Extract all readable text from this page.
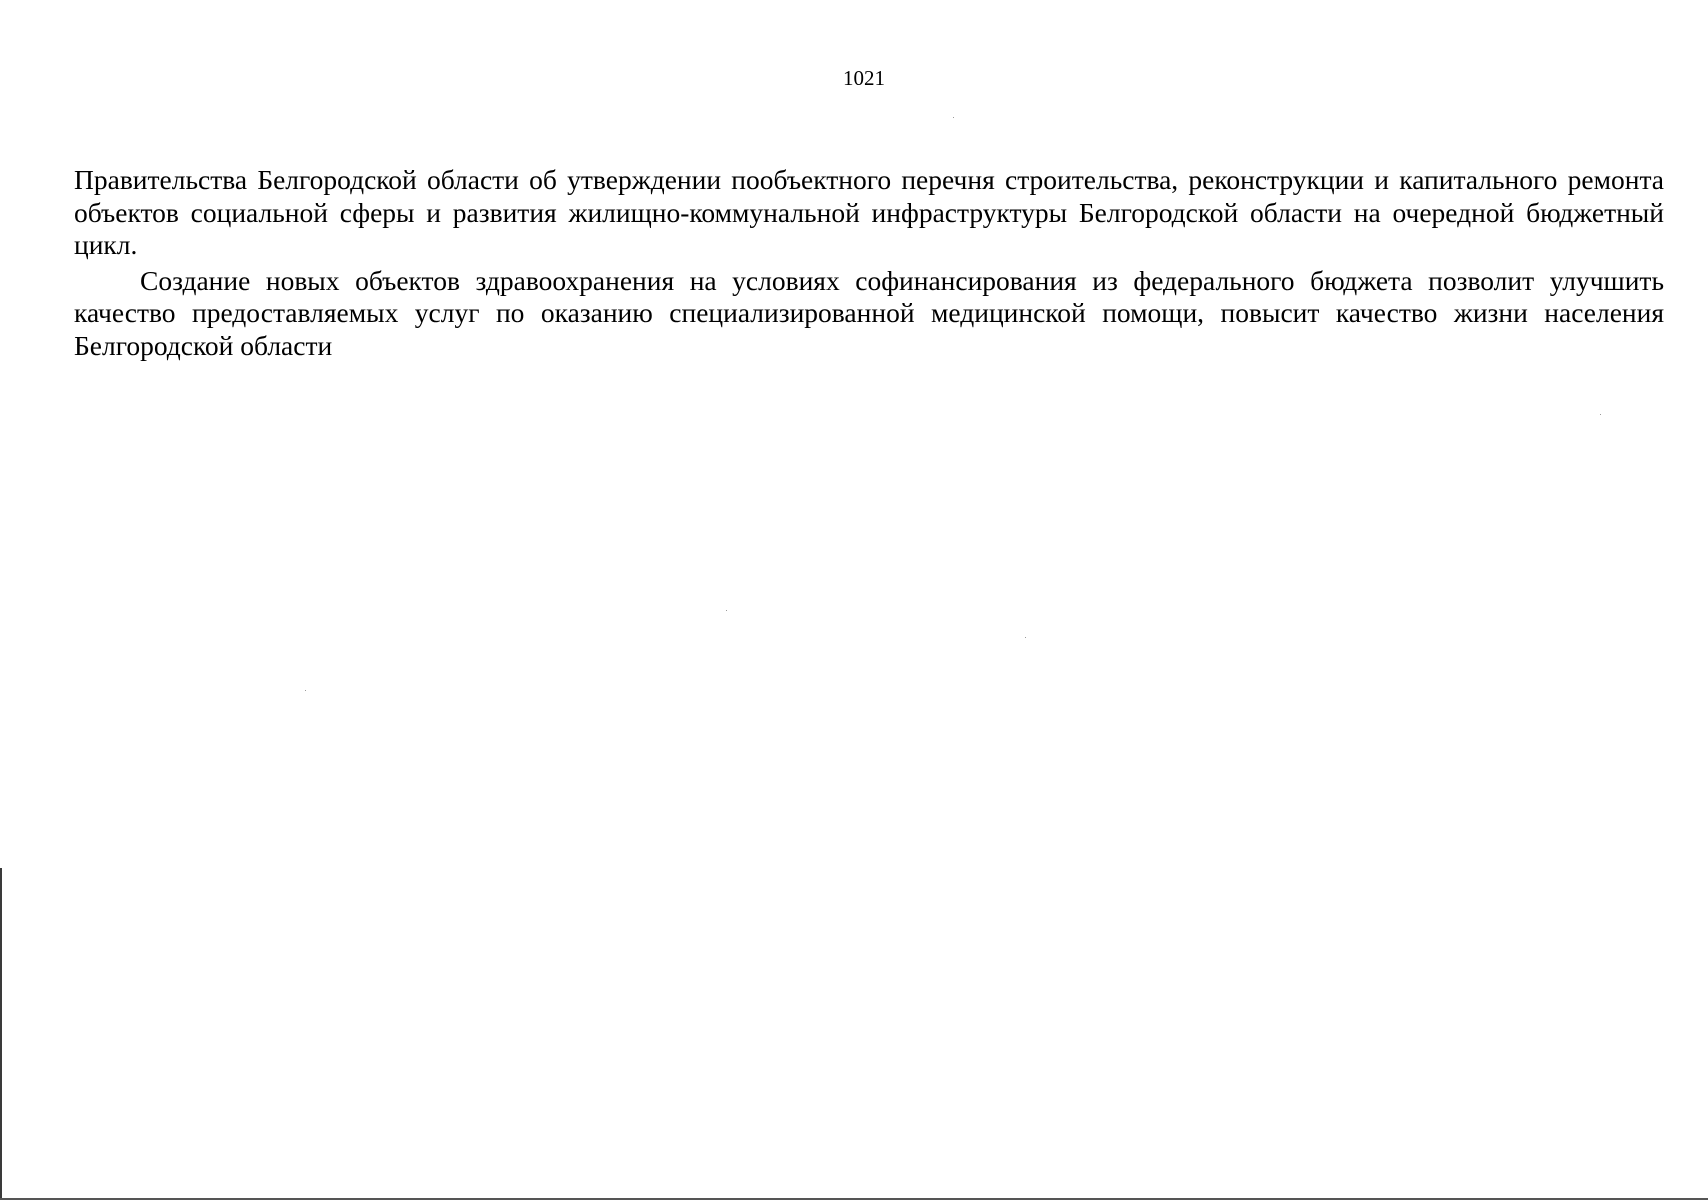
1021

Правительства Белгородской области об утверждении пообъектного перечня строительства, реконструкции и капитального ремонта объектов социальной сферы и развития жилищно-коммунальной инфраструктуры Белгородской области на очередной бюджетный цикл.

Создание новых объектов здравоохранения на условиях софинансирования из федерального бюджета позволит улучшить качество предоставляемых услуг по оказанию специализированной медицинской помощи, повысит качество жизни населения Белгородской области
